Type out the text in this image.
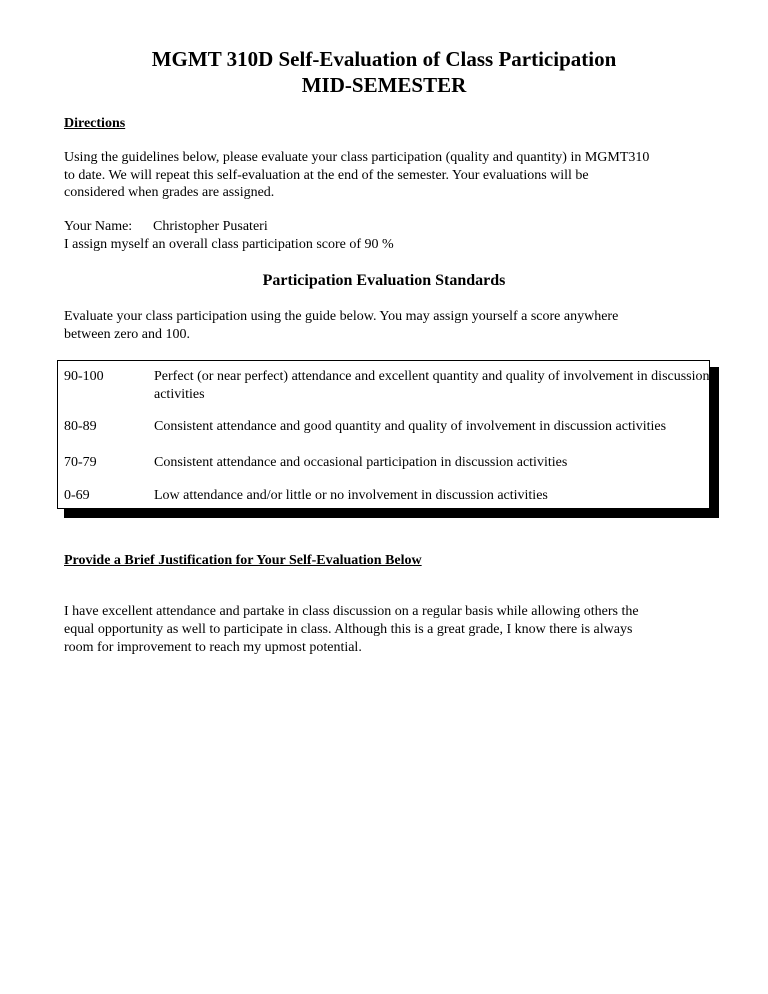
MGMT 310D Self-Evaluation of Class Participation
MID-SEMESTER
Directions
Using the guidelines below, please evaluate your class participation (quality and quantity) in MGMT310
to date. We will repeat this self-evaluation at the end of the semester. Your evaluations will be
considered when grades are assigned.
Your Name: Christopher Pusateri
I assign myself an overall class participation score of 90 %
Participation Evaluation Standards
Evaluate your class participation using the guide below. You may assign yourself a score anywhere
between zero and 100.
90-100	Perfect (or near perfect) attendance and excellent quantity and quality of involvement in discussion activities
80-89	Consistent attendance and good quantity and quality of involvement in discussion activities
70-79	Consistent attendance and occasional participation in discussion activities
0-69	Low attendance and/or little or no involvement in discussion activities
Provide a Brief Justification for Your Self-Evaluation Below
I have excellent attendance and partake in class discussion on a regular basis while allowing others the
equal opportunity as well to participate in class. Although this is a great grade, I know there is always
room for improvement to reach my upmost potential.
